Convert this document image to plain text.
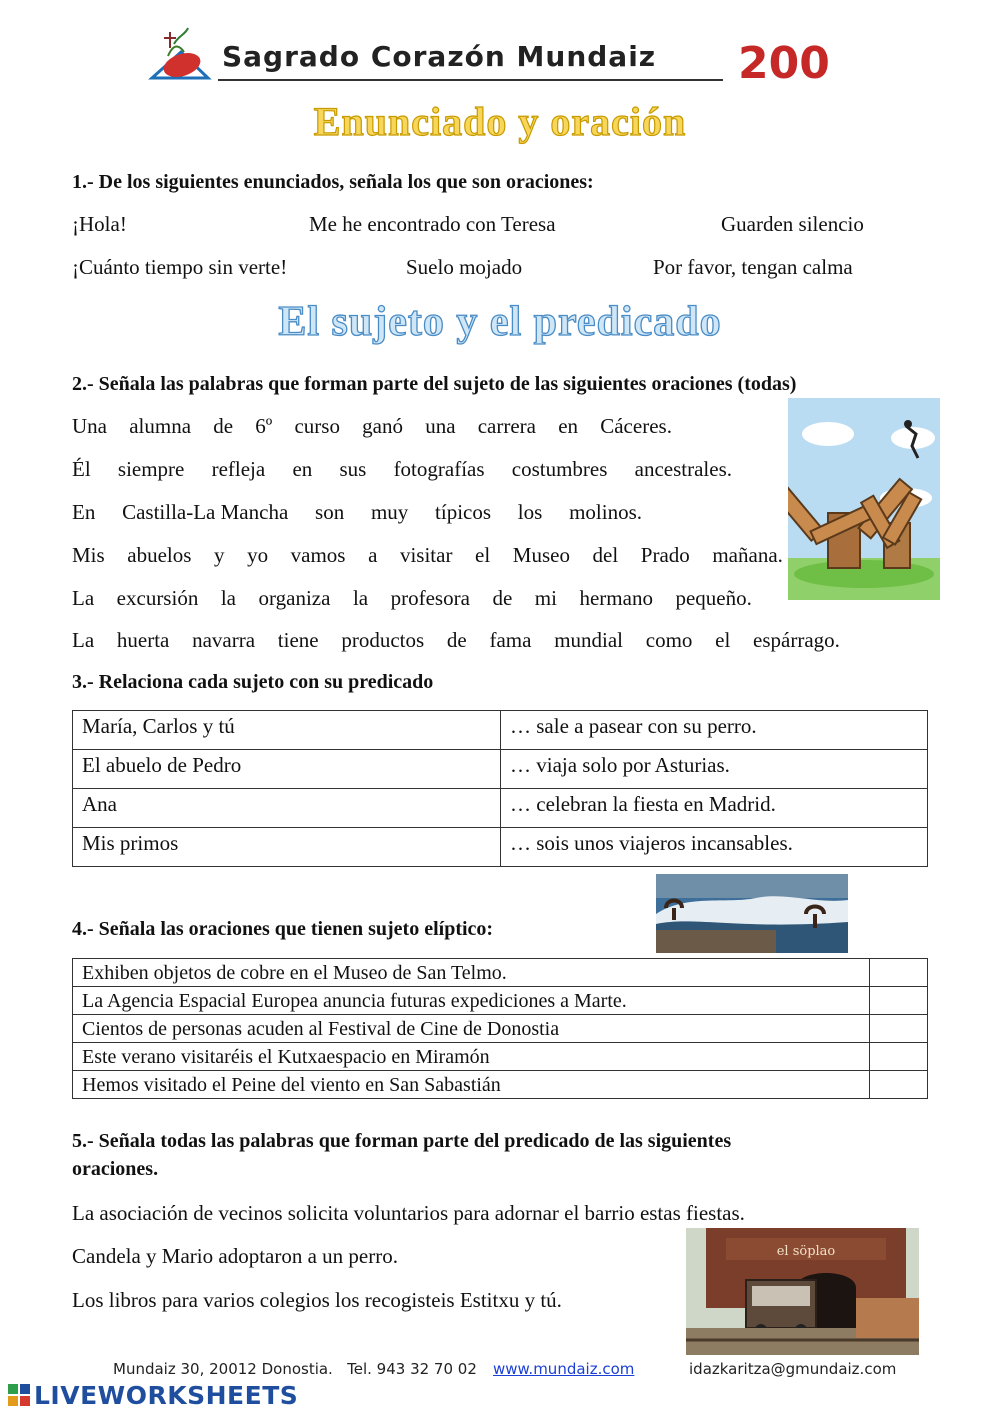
Sagrado Corazón Mundaiz 200
Enunciado y oración
1.- De los siguientes enunciados, señala los que son oraciones:
¡Hola!	Me he encontrado con Teresa	Guarden silencio
¡Cuánto tiempo sin verte!	Suelo mojado	Por favor, tengan calma
El sujeto y el predicado
2.- Señala las palabras que forman parte del sujeto de las siguientes oraciones (todas)
Una alumna de 6º curso ganó una carrera en Cáceres.
Él siempre refleja en sus fotografías costumbres ancestrales.
En Castilla-La Mancha son muy típicos los molinos.
Mis abuelos y yo vamos a visitar el Museo del Prado mañana.
La excursión la organiza la profesora de mi hermano pequeño.
La huerta navarra tiene productos de fama mundial como el espárrago.
3.- Relaciona cada sujeto con su predicado
María, Carlos y tú	… sale a pasear con su perro.
El abuelo de Pedro	… viaja solo por Asturias.
Ana	… celebran la fiesta en Madrid.
Mis primos	… sois unos viajeros incansables.
4.- Señala las oraciones que tienen sujeto elíptico:
Exhiben objetos de cobre en el Museo de San Telmo.	
La Agencia Espacial Europea anuncia futuras expediciones a Marte.	
Cientos de personas acuden al Festival de Cine de Donostia	
Este verano visitaréis el Kutxaespacio en Miramón	
Hemos visitado el Peine del viento en San Sabastián	
5.- Señala todas las palabras que forman parte del predicado de las siguientes
oraciones.
La asociación de vecinos solicita voluntarios para adornar el barrio estas fiestas.
Candela y Mario adoptaron a un perro.
Los libros para varios colegios los recogisteis Estitxu y tú.
el söplao
Mundaiz 30, 20012 Donostia.   Tel. 943 32 70 02 www.mundaiz.com	idazkaritza@gmundaiz.com
LIVEWORKSHEETS
